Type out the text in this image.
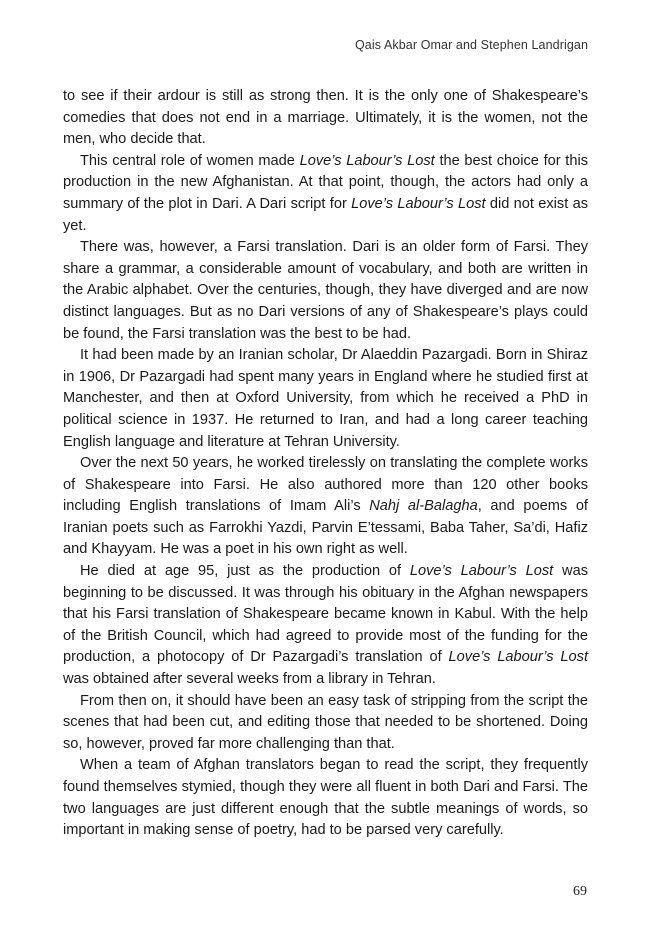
Qais Akbar Omar and Stephen Landrigan

to see if their ardour is still as strong then. It is the only one of Shakespeare’s comedies that does not end in a marriage. Ultimately, it is the women, not the men, who decide that.

This central role of women made Love’s Labour’s Lost the best choice for this production in the new Afghanistan. At that point, though, the actors had only a summary of the plot in Dari. A Dari script for Love’s Labour’s Lost did not exist as yet.

There was, however, a Farsi translation. Dari is an older form of Farsi. They share a grammar, a considerable amount of vocabulary, and both are written in the Arabic alphabet. Over the centuries, though, they have diverged and are now distinct languages. But as no Dari versions of any of Shakespeare’s plays could be found, the Farsi translation was the best to be had.

It had been made by an Iranian scholar, Dr Alaeddin Pazargadi. Born in Shiraz in 1906, Dr Pazargadi had spent many years in England where he studied first at Manchester, and then at Oxford University, from which he received a PhD in political science in 1937. He returned to Iran, and had a long career teaching English language and literature at Tehran University.

Over the next 50 years, he worked tirelessly on translating the complete works of Shakespeare into Farsi. He also authored more than 120 other books including English translations of Imam Ali’s Nahj al-Balagha, and poems of Iranian poets such as Farrokhi Yazdi, Parvin E’tessami, Baba Taher, Sa’di, Hafiz and Khayyam. He was a poet in his own right as well.

He died at age 95, just as the production of Love’s Labour’s Lost was beginning to be discussed. It was through his obituary in the Afghan newspapers that his Farsi translation of Shakespeare became known in Kabul. With the help of the British Council, which had agreed to provide most of the funding for the production, a photocopy of Dr Pazargadi’s translation of Love’s Labour’s Lost was obtained after several weeks from a library in Tehran.

From then on, it should have been an easy task of stripping from the script the scenes that had been cut, and editing those that needed to be shortened. Doing so, however, proved far more challenging than that.

When a team of Afghan translators began to read the script, they frequently found themselves stymied, though they were all fluent in both Dari and Farsi. The two languages are just different enough that the subtle meanings of words, so important in making sense of poetry, had to be parsed very carefully.

69
